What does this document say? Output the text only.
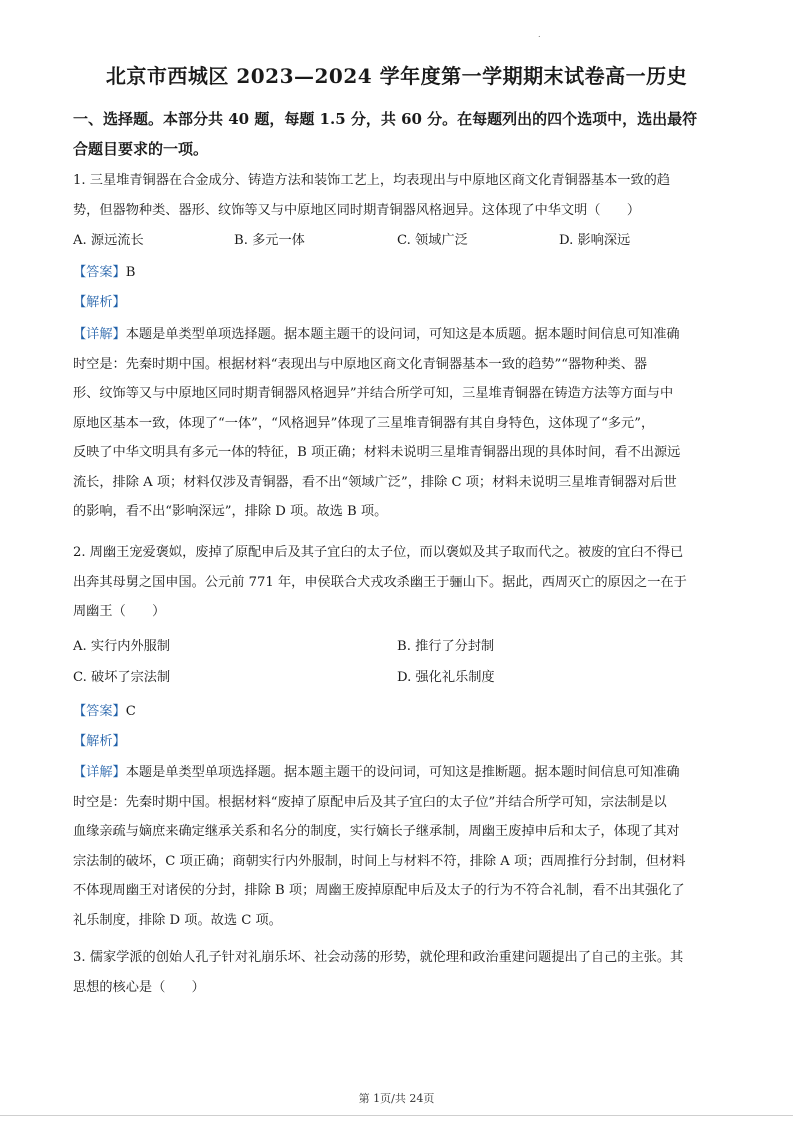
.
北京市西城区 2023—2024 学年度第一学期期末试卷高一历史
一、选择题。本部分共 40 题，每题 1.5 分，共 60 分。在每题列出的四个选项中，选出最符
合题目要求的一项。
1. 三星堆青铜器在合金成分、铸造方法和装饰工艺上，均表现出与中原地区商文化青铜器基本一致的趋
势，但器物种类、器形、纹饰等又与中原地区同时期青铜器风格迥异。这体现了中华文明（　　）
A. 源远流长	B. 多元一体	C. 领域广泛	D. 影响深远
【答案】B
【解析】
【详解】本题是单类型单项选择题。据本题主题干的设问词，可知这是本质题。据本题时间信息可知准确
时空是：先秦时期中国。根据材料“表现出与中原地区商文化青铜器基本一致的趋势”“器物种类、器
形、纹饰等又与中原地区同时期青铜器风格迥异”并结合所学可知，三星堆青铜器在铸造方法等方面与中
原地区基本一致，体现了“一体”，“风格迥异”体现了三星堆青铜器有其自身特色，这体现了“多元”，
反映了中华文明具有多元一体的特征，B 项正确；材料未说明三星堆青铜器出现的具体时间，看不出源远
流长，排除 A 项；材料仅涉及青铜器，看不出“领域广泛”，排除 C 项；材料未说明三星堆青铜器对后世
的影响，看不出“影响深远”，排除 D 项。故选 B 项。
2. 周幽王宠爱褒姒，废掉了原配申后及其子宜臼的太子位，而以褒姒及其子取而代之。被废的宜臼不得已
出奔其母舅之国申国。公元前 771 年，申侯联合犬戎攻杀幽王于骊山下。据此，西周灭亡的原因之一在于
周幽王（　　）
A. 实行内外服制	B. 推行了分封制
C. 破坏了宗法制	D. 强化礼乐制度
【答案】C
【解析】
【详解】本题是单类型单项选择题。据本题主题干的设问词，可知这是推断题。据本题时间信息可知准确
时空是：先秦时期中国。根据材料“废掉了原配申后及其子宜臼的太子位”并结合所学可知，宗法制是以
血缘亲疏与嫡庶来确定继承关系和名分的制度，实行嫡长子继承制，周幽王废掉申后和太子，体现了其对
宗法制的破坏，C 项正确；商朝实行内外服制，时间上与材料不符，排除 A 项；西周推行分封制，但材料
不体现周幽王对诸侯的分封，排除 B 项；周幽王废掉原配申后及太子的行为不符合礼制，看不出其强化了
礼乐制度，排除 D 项。故选 C 项。
3. 儒家学派的创始人孔子针对礼崩乐坏、社会动荡的形势，就伦理和政治重建问题提出了自己的主张。其
思想的核心是（　　）
第 1页/共 24页
